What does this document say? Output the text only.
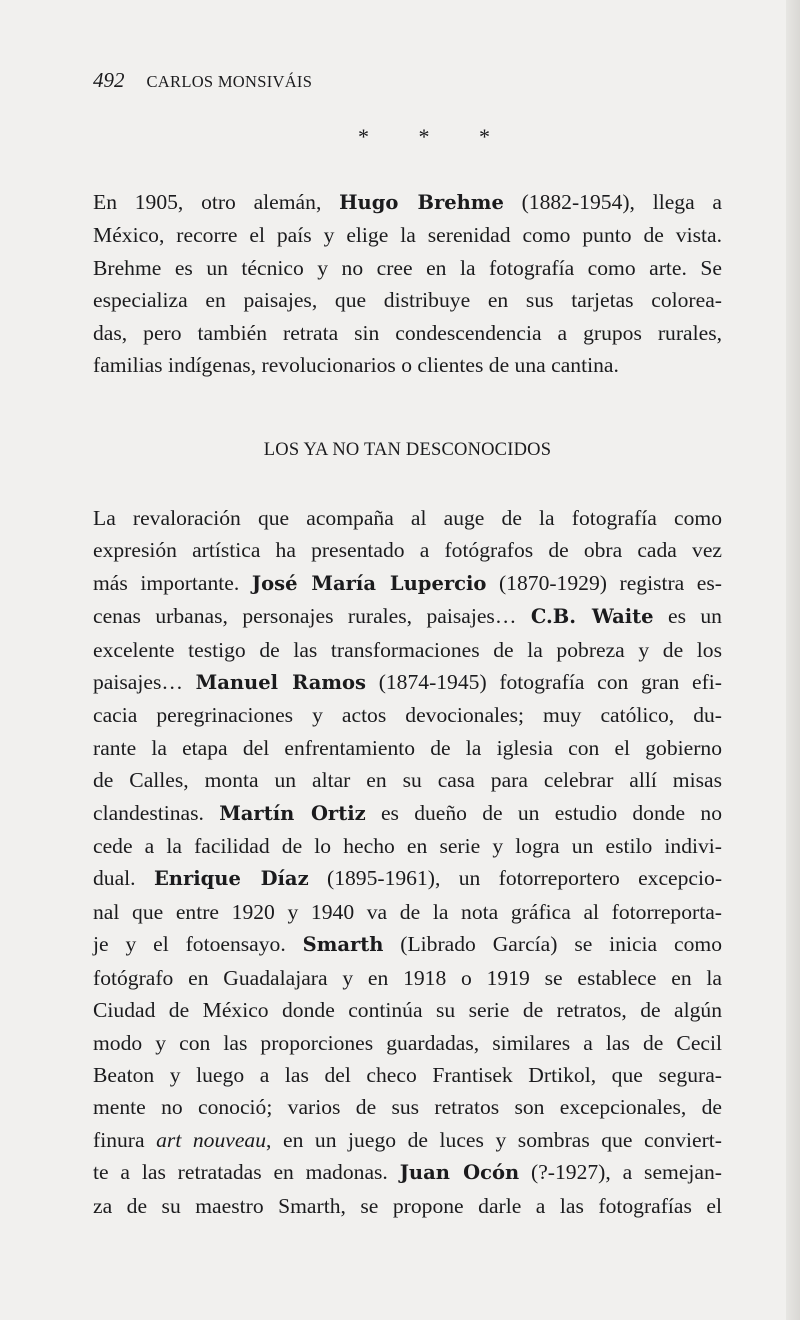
492 CARLOS MONSIVÁIS
* * *
En 1905, otro alemán, Hugo Brehme (1882-1954), llega a
México, recorre el país y elige la serenidad como punto de vista.
Brehme es un técnico y no cree en la fotografía como arte. Se
especializa en paisajes, que distribuye en sus tarjetas colorea-
das, pero también retrata sin condescendencia a grupos rurales,
familias indígenas, revolucionarios o clientes de una cantina.
LOS YA NO TAN DESCONOCIDOS
La revaloración que acompaña al auge de la fotografía como
expresión artística ha presentado a fotógrafos de obra cada vez
más importante. José María Lupercio (1870-1929) registra es-
cenas urbanas, personajes rurales, paisajes… C.B. Waite es un
excelente testigo de las transformaciones de la pobreza y de los
paisajes… Manuel Ramos (1874-1945) fotografía con gran efi-
cacia peregrinaciones y actos devocionales; muy católico, du-
rante la etapa del enfrentamiento de la iglesia con el gobierno
de Calles, monta un altar en su casa para celebrar allí misas
clandestinas. Martín Ortiz es dueño de un estudio donde no
cede a la facilidad de lo hecho en serie y logra un estilo indivi-
dual. Enrique Díaz (1895-1961), un fotorreportero excepcio-
nal que entre 1920 y 1940 va de la nota gráfica al fotorreporta-
je y el fotoensayo. Smarth (Librado García) se inicia como
fotógrafo en Guadalajara y en 1918 o 1919 se establece en la
Ciudad de México donde continúa su serie de retratos, de algún
modo y con las proporciones guardadas, similares a las de Cecil
Beaton y luego a las del checo Frantisek Drtikol, que segura-
mente no conoció; varios de sus retratos son excepcionales, de
finura art nouveau, en un juego de luces y sombras que conviert-
te a las retratadas en madonas. Juan Ocón (?-1927), a semejan-
za de su maestro Smarth, se propone darle a las fotografías el
